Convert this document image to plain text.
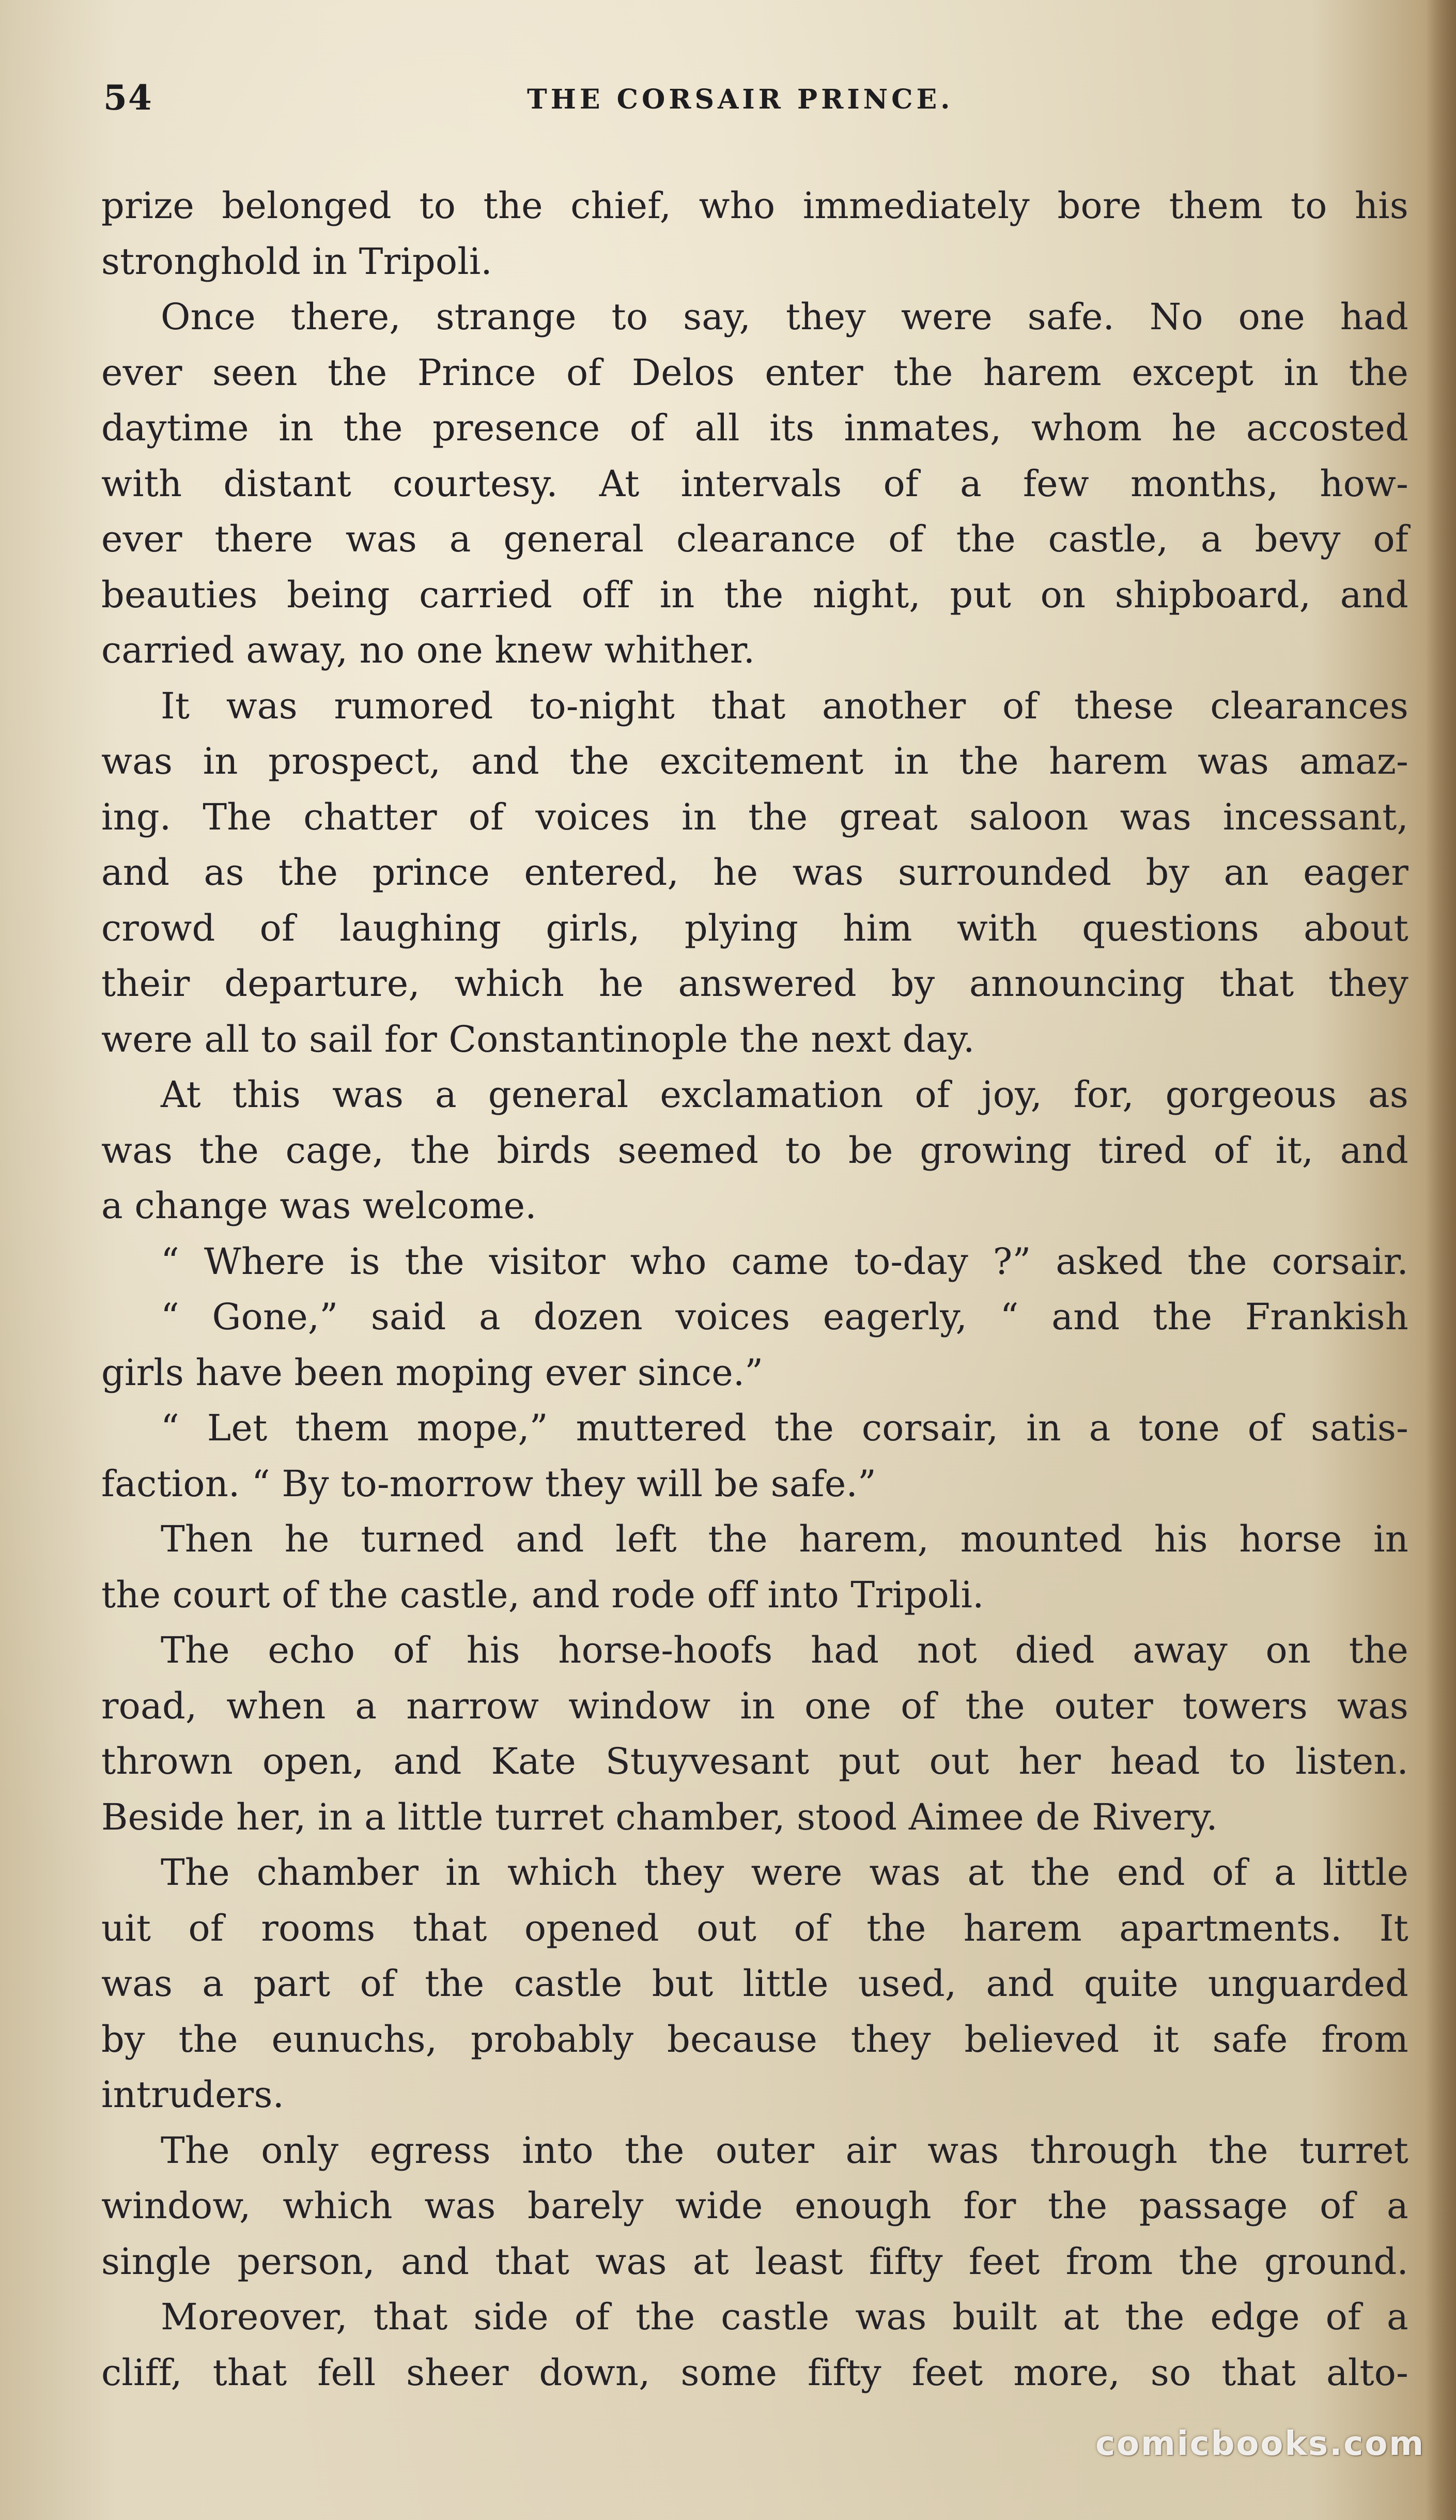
54	THE CORSAIR PRINCE.

prize belonged to the chief, who immediately bore them to his

stronghold in Tripoli.

Once there, strange to say, they were safe. No one had

ever seen the Prince of Delos enter the harem except in the

daytime in the presence of all its inmates, whom he accosted

with distant courtesy. At intervals of a few months, how-

ever there was a general clearance of the castle, a bevy of

beauties being carried off in the night, put on shipboard, and

carried away, no one knew whither.

It was rumored to-night that another of these clearances

was in prospect, and the excitement in the harem was amaz-

ing. The chatter of voices in the great saloon was incessant,

and as the prince entered, he was surrounded by an eager

crowd of laughing girls, plying him with questions about

their departure, which he answered by announcing that they

were all to sail for Constantinople the next day.

At this was a general exclamation of joy, for, gorgeous as

was the cage, the birds seemed to be growing tired of it, and

a change was welcome.

“ Where is the visitor who came to-day ?” asked the corsair.

“ Gone,” said a dozen voices eagerly, “ and the Frankish

girls have been moping ever since.”

“ Let them mope,” muttered the corsair, in a tone of satis-

faction. “ By to-morrow they will be safe.”

Then he turned and left the harem, mounted his horse in

the court of the castle, and rode off into Tripoli.

The echo of his horse-hoofs had not died away on the

road, when a narrow window in one of the outer towers was

thrown open, and Kate Stuyvesant put out her head to listen.

Beside her, in a little turret chamber, stood Aimee de Rivery.

The chamber in which they were was at the end of a little

uit of rooms that opened out of the harem apartments. It

was a part of the castle but little used, and quite unguarded

by the eunuchs, probably because they believed it safe from

intruders.

The only egress into the outer air was through the turret

window, which was barely wide enough for the passage of a

single person, and that was at least fifty feet from the ground.

Moreover, that side of the castle was built at the edge of a

cliff, that fell sheer down, some fifty feet more, so that alto-

comicbooks.com
